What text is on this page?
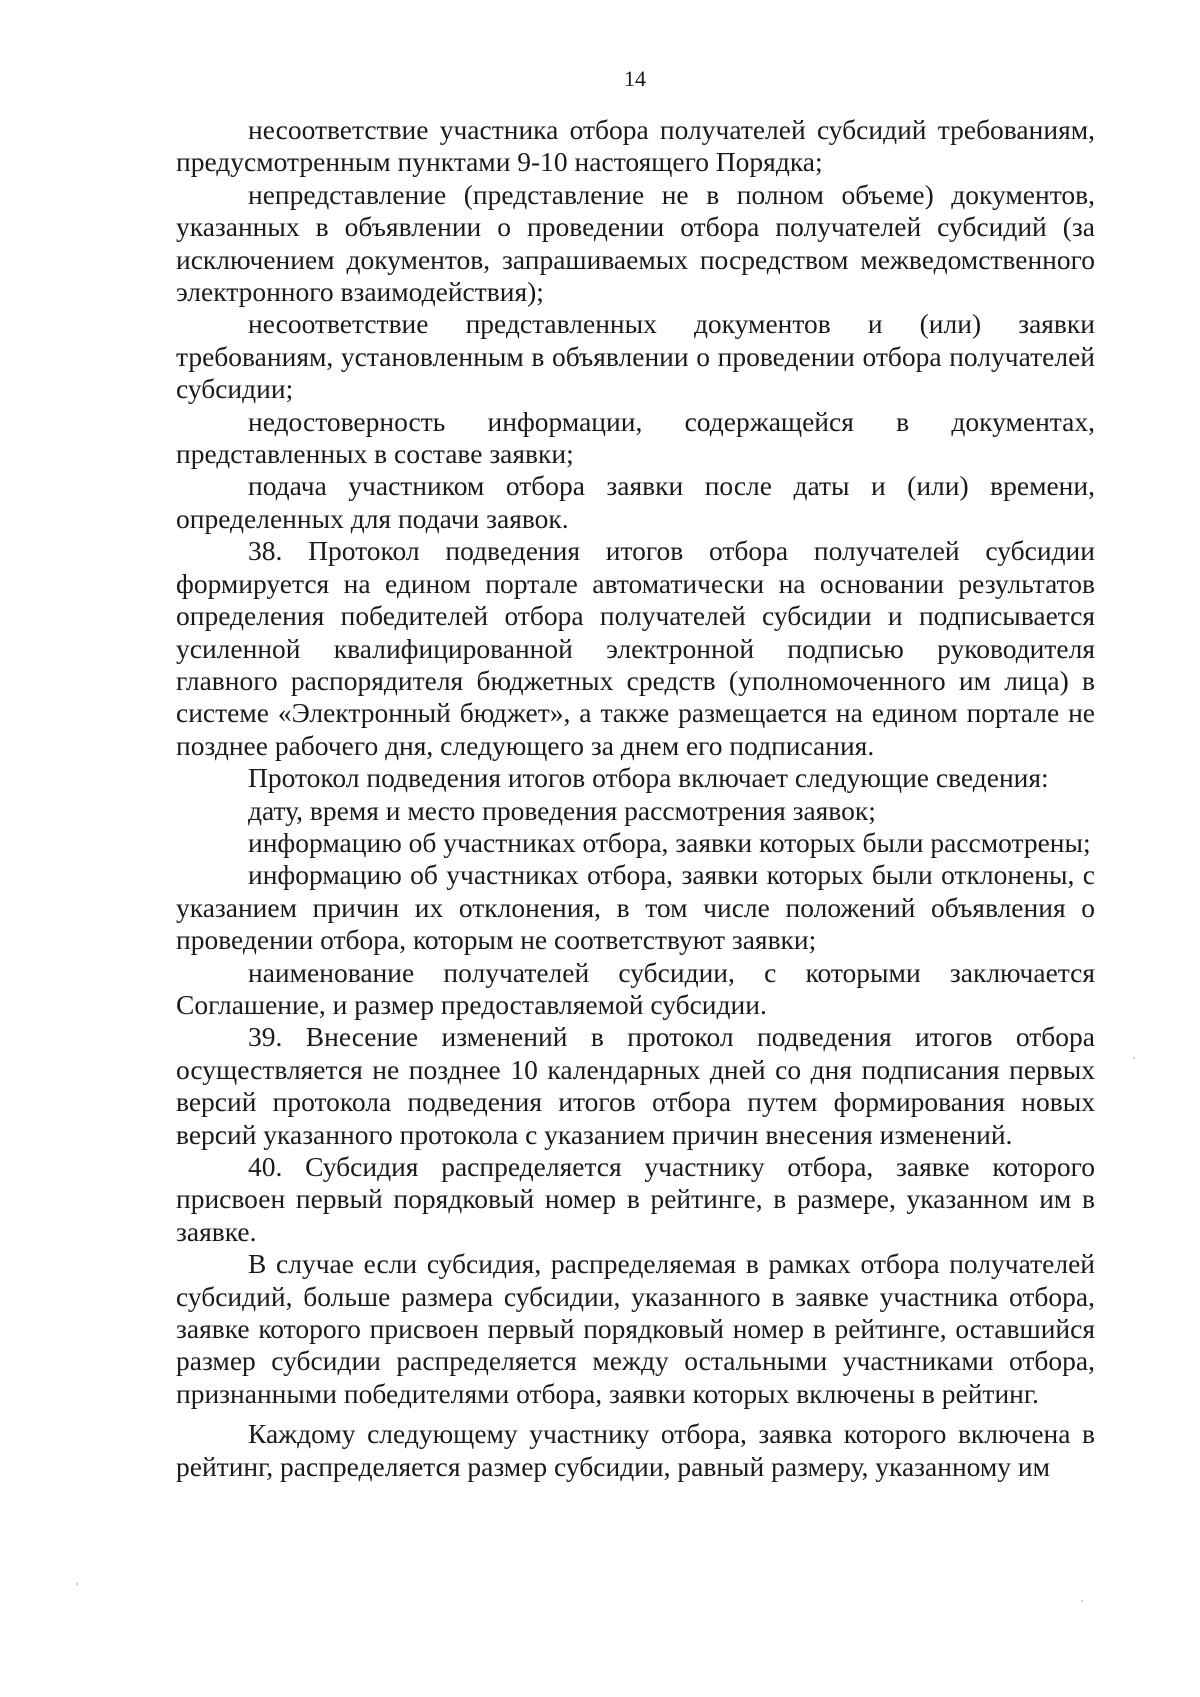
14

несоответствие участника отбора получателей субсидий требованиям, предусмотренным пунктами 9-10 настоящего Порядка;

непредставление (представление не в полном объеме) документов, указанных в объявлении о проведении отбора получателей субсидий (за исключением документов, запрашиваемых посредством межведомственного электронного взаимодействия);

несоответствие представленных документов и (или) заявки требованиям, установленным в объявлении о проведении отбора получателей субсидии;

недостоверность информации, содержащейся в документах, представленных в составе заявки;

подача участником отбора заявки после даты и (или) времени, определенных для подачи заявок.

38. Протокол подведения итогов отбора получателей субсидии формируется на едином портале автоматически на основании результатов определения победителей отбора получателей субсидии и подписывается усиленной квалифицированной электронной подписью руководителя главного распорядителя бюджетных средств (уполномоченного им лица) в системе «Электронный бюджет», а также размещается на едином портале не позднее рабочего дня, следующего за днем его подписания.

Протокол подведения итогов отбора включает следующие сведения:

дату, время и место проведения рассмотрения заявок;

информацию об участниках отбора, заявки которых были рассмотрены;

информацию об участниках отбора, заявки которых были отклонены, с указанием причин их отклонения, в том числе положений объявления о проведении отбора, которым не соответствуют заявки;

наименование получателей субсидии, с которыми заключается Соглашение, и размер предоставляемой субсидии.

39. Внесение изменений в протокол подведения итогов отбора осуществляется не позднее 10 календарных дней со дня подписания первых версий протокола подведения итогов отбора путем формирования новых версий указанного протокола с указанием причин внесения изменений.

40. Субсидия распределяется участнику отбора, заявке которого присвоен первый порядковый номер в рейтинге, в размере, указанном им в заявке.

В случае если субсидия, распределяемая в рамках отбора получателей субсидий, больше размера субсидии, указанного в заявке участника отбора, заявке которого присвоен первый порядковый номер в рейтинге, оставшийся размер субсидии распределяется между остальными участниками отбора, признанными победителями отбора, заявки которых включены в рейтинг.

Каждому следующему участнику отбора, заявка которого включена в рейтинг, распределяется размер субсидии, равный размеру, указанному им
